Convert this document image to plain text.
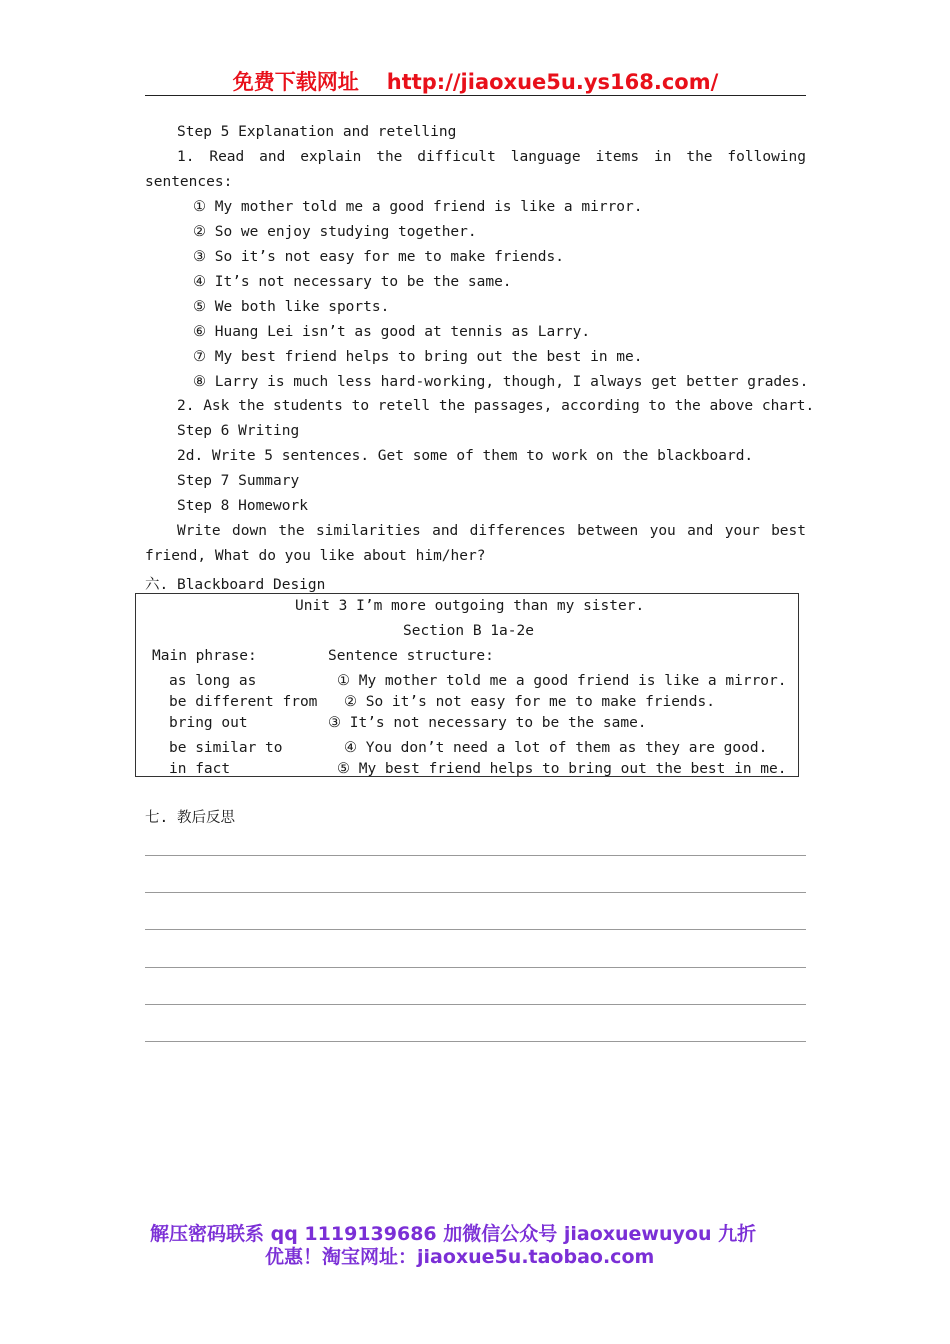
免费下载网址 http://jiaoxue5u.ys168.com/
Step 5 Explanation and retelling
1. Read and explain the difficult language items in the following
sentences:
① My mother told me a good friend is like a mirror.
② So we enjoy studying together.
③ So it’s not easy for me to make friends.
④ It’s not necessary to be the same.
⑤ We both like sports.
⑥ Huang Lei isn’t as good at tennis as Larry.
⑦ My best friend helps to bring out the best in me.
⑧ Larry is much less hard-working, though, I always get better grades.
2. Ask the students to retell the passages, according to the above chart.
Step 6 Writing
2d. Write 5 sentences. Get some of them to work on the blackboard.
Step 7 Summary
Step 8 Homework
Write down the similarities and differences between you and your best
friend, What do you like about him/her?
六. Blackboard Design
Unit 3 I’m more outgoing than my sister.
Section B 1a-2e
Main phrase:	Sentence structure:
as long as
be different from
bring out
be similar to
in fact
① My mother told me a good friend is like a mirror.
② So it’s not easy for me to make friends.
③ It’s not necessary to be the same.
④ You don’t need a lot of them as they are good.
⑤ My best friend helps to bring out the best in me.
七. 教后反思
解压密码联系 qq 1119139686 加微信公众号 jiaoxuewuyou 九折
优惠！淘宝网址：jiaoxue5u.taobao.com
